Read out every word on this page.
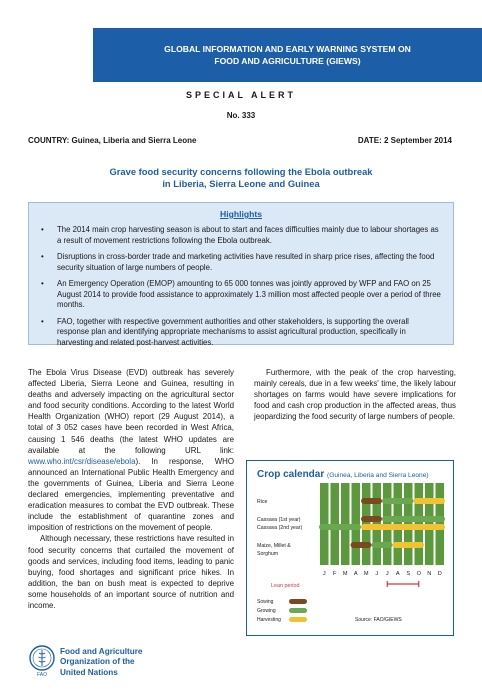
GLOBAL INFORMATION AND EARLY WARNING SYSTEM ON
FOOD AND AGRICULTURE (GIEWS)
SPECIAL ALERT
No. 333
COUNTRY: Guinea, Liberia and Sierra Leone	DATE: 2 September 2014
Grave food security concerns following the Ebola outbreak
in Liberia, Sierra Leone and Guinea
Highlights
• The 2014 main crop harvesting season is about to start and faces difficulties mainly due to labour shortages as a result of movement restrictions following the Ebola outbreak.
• Disruptions in cross-border trade and marketing activities have resulted in sharp price rises, affecting the food security situation of large numbers of people.
• An Emergency Operation (EMOP) amounting to 65 000 tonnes was jointly approved by WFP and FAO on 25 August 2014 to provide food assistance to approximately 1.3 million most affected people over a period of three months.
• FAO, together with respective government authorities and other stakeholders, is supporting the overall response plan and identifying appropriate mechanisms to assist agricultural production, specifically in harvesting and related post-harvest activities.

The Ebola Virus Disease (EVD) outbreak has severely affected Liberia, Sierra Leone and Guinea, resulting in deaths and adversely impacting on the agricultural sector and food security conditions. According to the latest World Health Organization (WHO) report (29 August 2014), a total of 3 052 cases have been recorded in West Africa, causing 1 546 deaths (the latest WHO updates are available at the following URL link: www.who.int/csr/disease/ebola). In response, WHO announced an International Public Health Emergency and the governments of Guinea, Liberia and Sierra Leone declared emergencies, implementing preventative and eradication measures to combat the EVD outbreak. These include the establishment of quarantine zones and imposition of restrictions on the movement of people.

Although necessary, these restrictions have resulted in food security concerns that curtailed the movement of goods and services, including food items, leading to panic buying, food shortages and significant price hikes. In addition, the ban on bush meat is expected to deprive some households of an important source of nutrition and income.

Furthermore, with the peak of the crop harvesting, mainly cereals, due in a few weeks' time, the likely labour shortages on farms would have severe implications for food and cash crop production in the affected areas, thus jeopardizing the food security of large numbers of people.

Crop calendar (Guinea, Liberia and Sierra Leone)
Rice
Cassava (1st year)
Cassava (2nd year)
Maize, Millet &
Sorghum
J F M A M J J A S O N D
Lean period
Sowing
Growing
Harvesting	Source: FAO/GIEWS
FAO
Food and Agriculture
Organization of the
United Nations
